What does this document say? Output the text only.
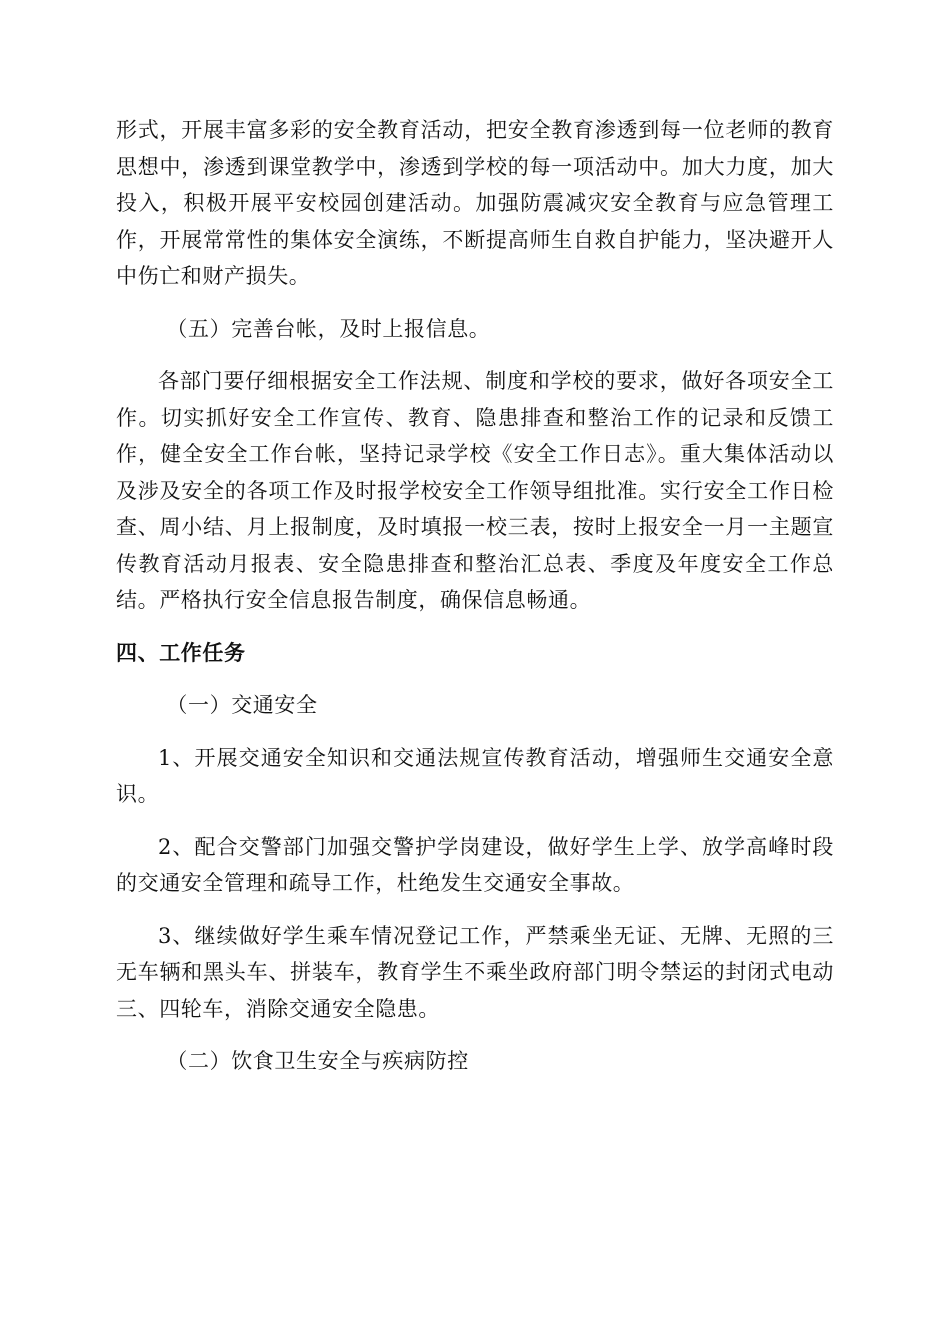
形式，开展丰富多彩的安全教育活动，把安全教育渗透到每一位老师的教育思想中，渗透到课堂教学中，渗透到学校的每一项活动中。加大力度，加大投入，积极开展平安校园创建活动。加强防震减灾安全教育与应急管理工作，开展常常性的集体安全演练，不断提高师生自救自护能力，坚决避开人中伤亡和财产损失。

（五）完善台帐，及时上报信息。

各部门要仔细根据安全工作法规、制度和学校的要求，做好各项安全工作。切实抓好安全工作宣传、教育、隐患排查和整治工作的记录和反馈工作，健全安全工作台帐，坚持记录学校《安全工作日志》。重大集体活动以及涉及安全的各项工作及时报学校安全工作领导组批准。实行安全工作日检查、周小结、月上报制度，及时填报一校三表，按时上报安全一月一主题宣传教育活动月报表、安全隐患排查和整治汇总表、季度及年度安全工作总结。严格执行安全信息报告制度，确保信息畅通。

四、工作任务

（一）交通安全

1、开展交通安全知识和交通法规宣传教育活动，增强师生交通安全意识。

2、配合交警部门加强交警护学岗建设，做好学生上学、放学高峰时段的交通安全管理和疏导工作，杜绝发生交通安全事故。

3、继续做好学生乘车情况登记工作，严禁乘坐无证、无牌、无照的三无车辆和黑头车、拼装车，教育学生不乘坐政府部门明令禁运的封闭式电动三、四轮车，消除交通安全隐患。

（二）饮食卫生安全与疾病防控
